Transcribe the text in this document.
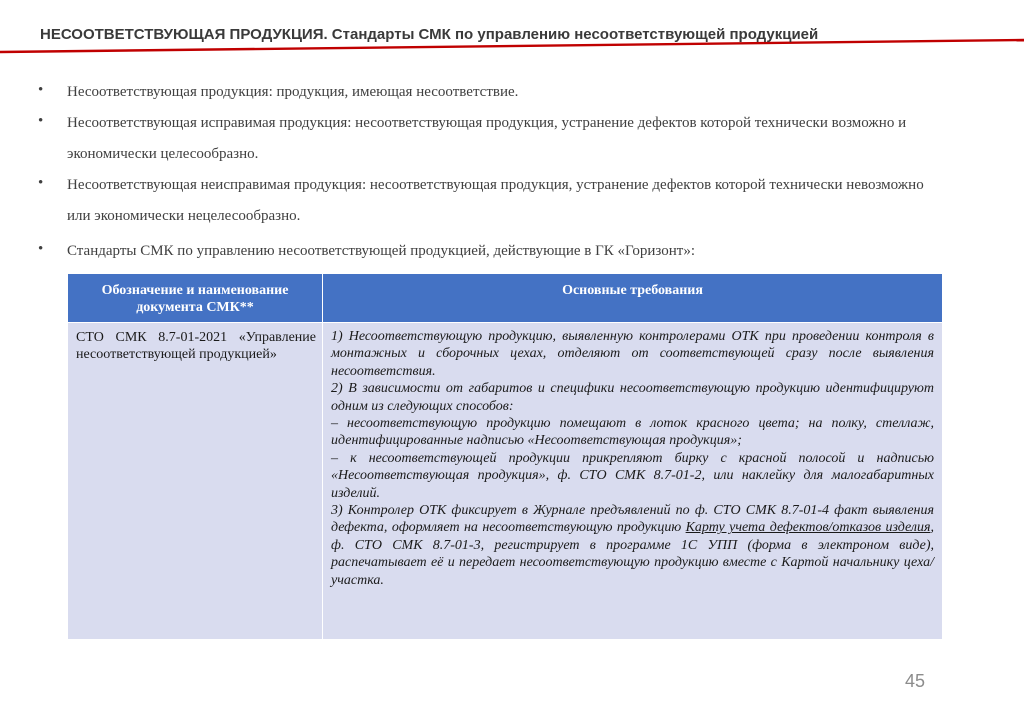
НЕСООТВЕТСТВУЮЩАЯ ПРОДУКЦИЯ. Стандарты СМК по управлению несоответствующей продукцией
• Несоответствующая продукция: продукция, имеющая несоответствие.
• Несоответствующая исправимая продукция: несоответствующая продукция, устранение дефектов которой технически возможно и экономически целесообразно.
• Несоответствующая неисправимая продукция: несоответствующая продукция, устранение дефектов которой технически невозможно или экономически нецелесообразно.
• Стандарты СМК по управлению несоответствующей продукцией, действующие в ГК «Горизонт»:
Обозначение и наименование документа СМК**	Основные требования
СТО СМК 8.7-01-2021 «Управление несоответствующей продукцией»	1) Несоответствующую продукцию, выявленную контролерами ОТК при проведении контроля в монтажных и сборочных цехах, отделяют от соответствующей сразу после выявления несоответствия.

2) В зависимости от габаритов и специфики несоответствующую продукцию идентифицируют одним из следующих способов:

– несоответствующую продукцию помещают в лоток красного цвета; на полку, стеллаж, идентифицированные надписью «Несоответствующая продукция»;

– к несоответствующей продукции прикрепляют бирку с красной полосой и надписью «Несоответствующая продукция», ф. СТО СМК 8.7-01-2, или наклейку для малогабаритных изделий.

3) Контролер ОТК фиксирует в Журнале предъявлений по ф. СТО СМК 8.7-01-4 факт выявления дефекта, оформляет на несоответствующую продукцию Карту учета дефектов/отказов изделия, ф. СТО СМК 8.7-01-3, регистрирует в программе 1С УПП (форма в электроном виде), распечатывает её и передает несоответствующую продукцию вместе с Картой начальнику цеха/участка.

45
